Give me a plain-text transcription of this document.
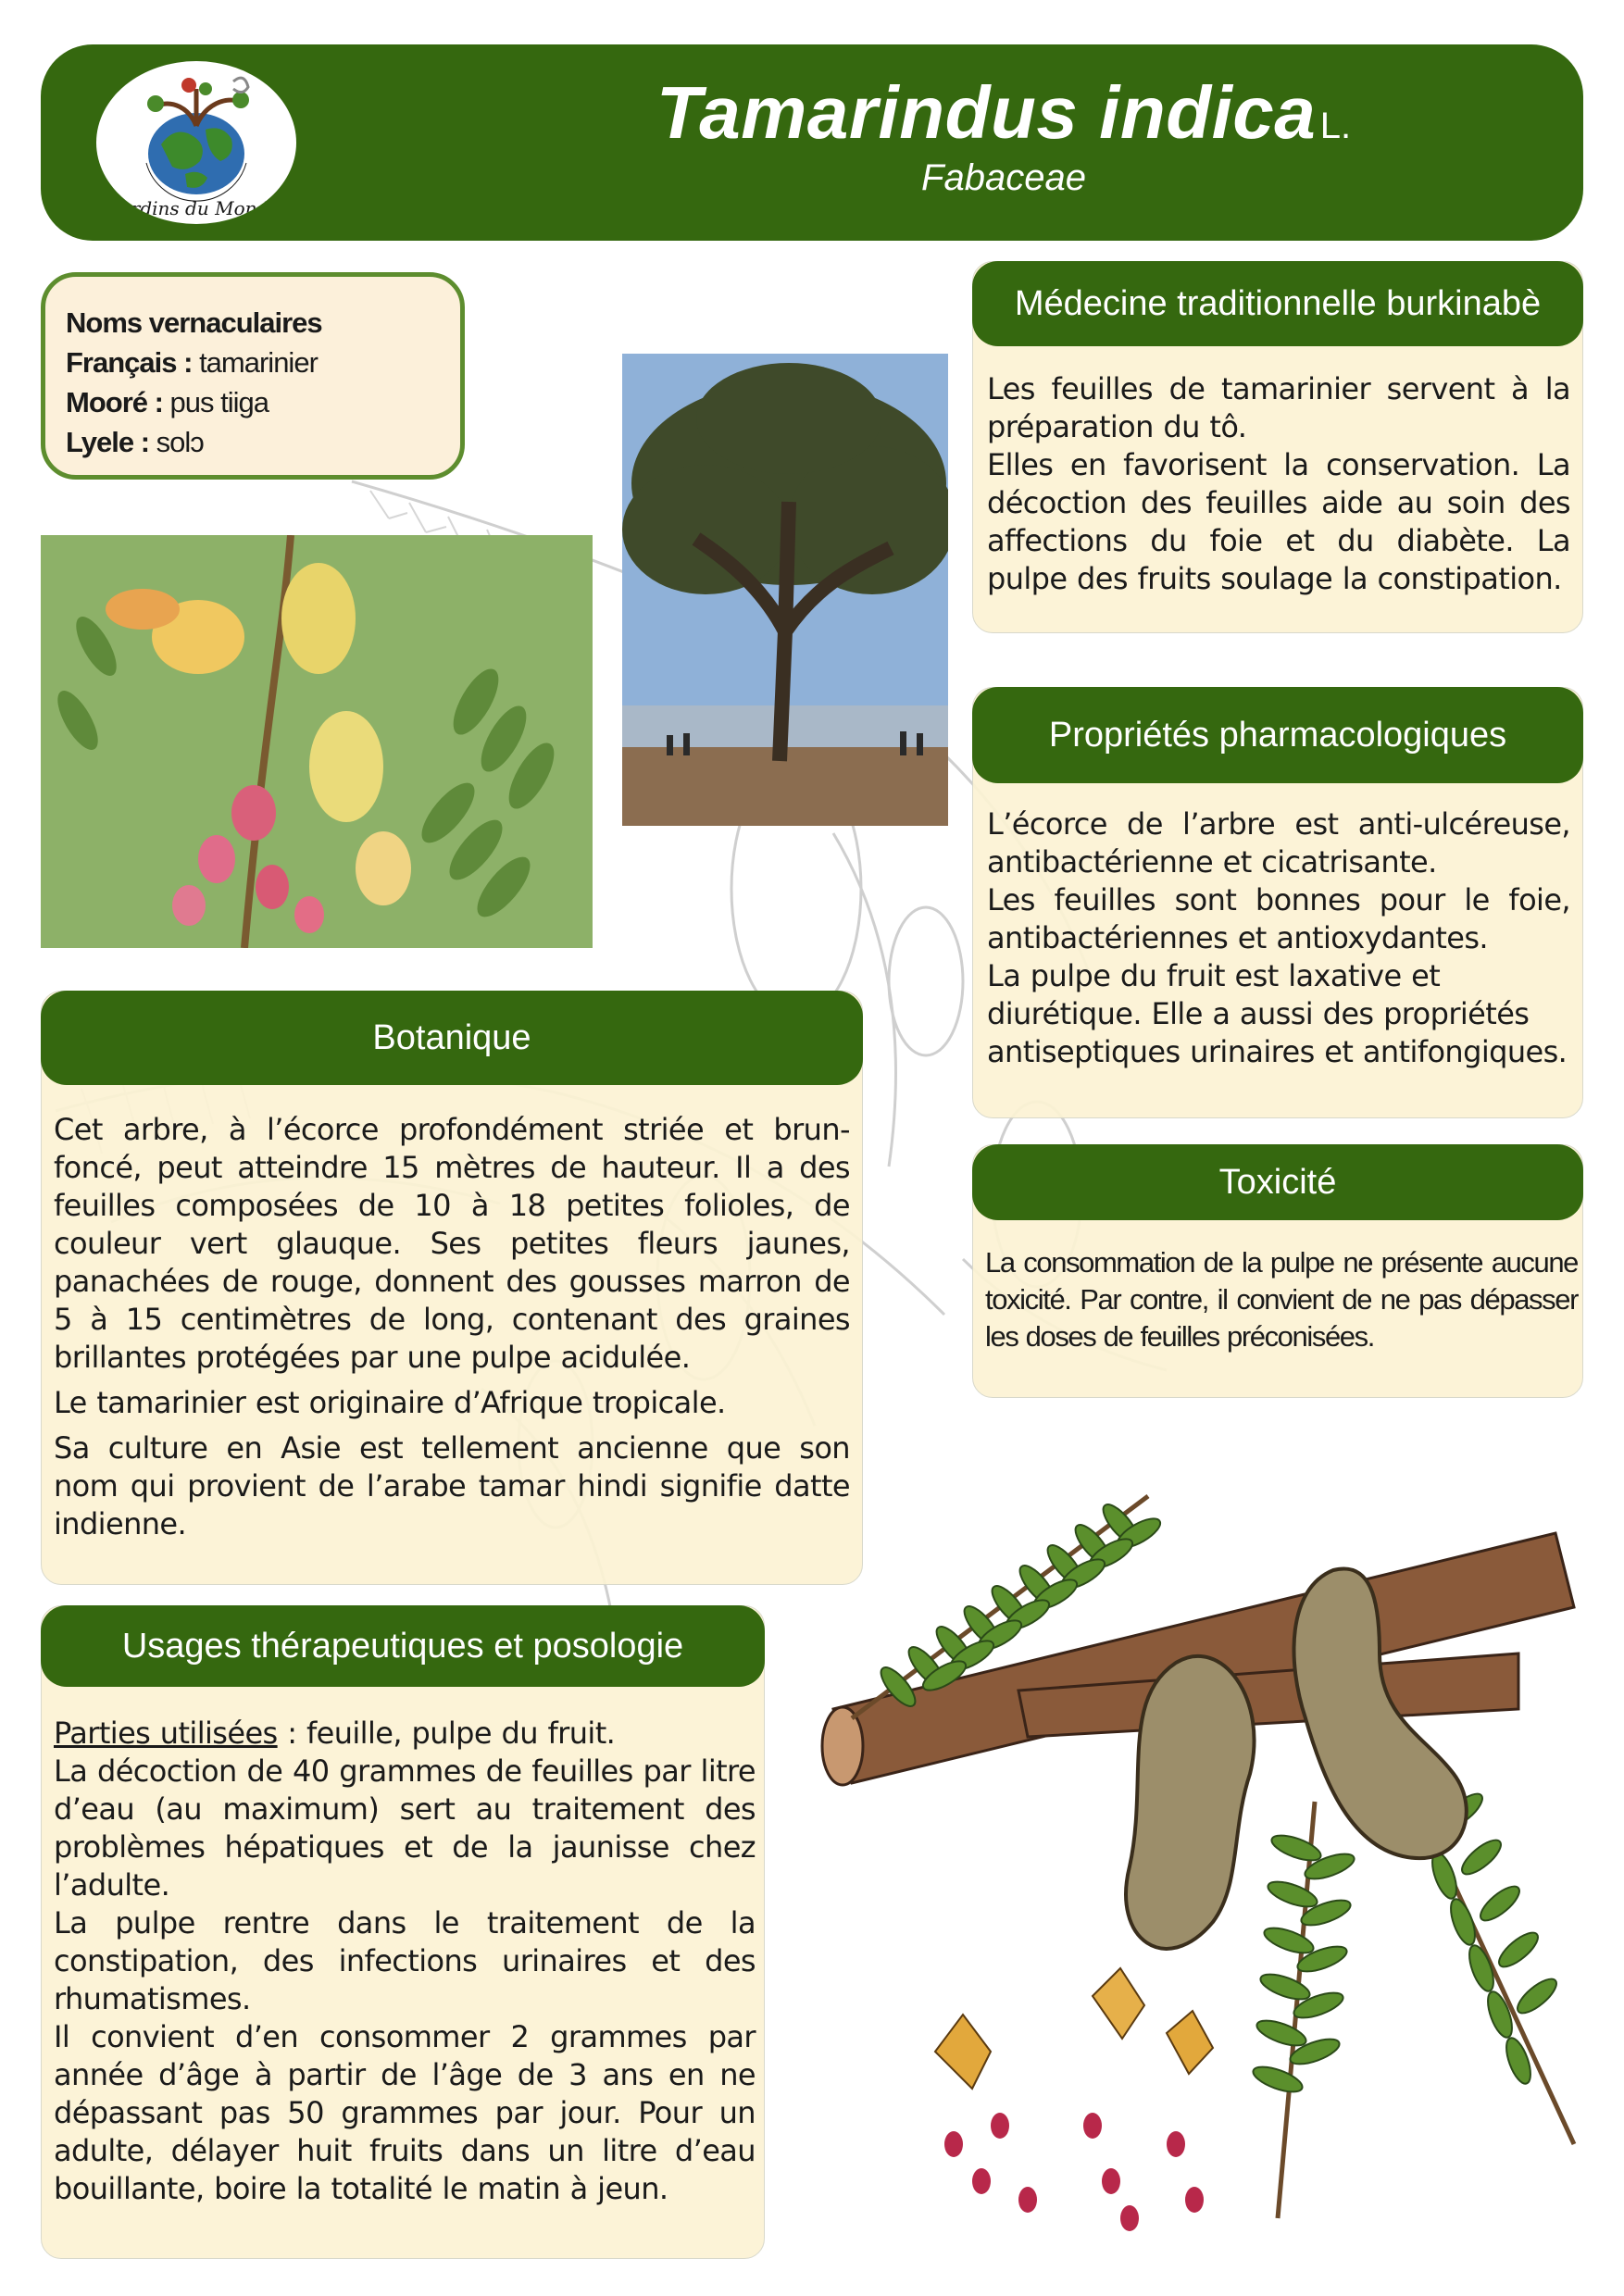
Jardins du Monde
Tamarindus indica L.
Fabaceae
Noms vernaculaires
Français : tamarinier
Mooré : pus tiiga
Lyele : solɔ
Médecine traditionnelle burkinabè

Les feuilles de tamarinier servent à la préparation du tô.

Elles en favorisent la conservation. La décoction des feuilles aide au soin des affections du foie et du diabète. La pulpe des fruits soulage la constipation.

Propriétés pharmacologiques

L’écorce de l’arbre est anti-ulcéreuse, antibactérienne et cicatrisante.

Les feuilles sont bonnes pour le foie, antibactériennes et antioxydantes.

La pulpe du fruit est laxative et diurétique. Elle a aussi des propriétés antiseptiques urinaires et antifongiques.

Toxicité
La consommation de la pulpe ne présente aucune toxicité. Par contre, il convient de ne pas dépasser les doses de feuilles préconisées.
Botanique

Cet arbre, à l’écorce profondément striée et brun-foncé, peut atteindre 15 mètres de hauteur. Il a des feuilles composées de 10 à 18 petites folioles, de couleur vert glauque. Ses petites fleurs jaunes, panachées de rouge, donnent des gousses marron de 5 à 15 centimètres de long, contenant des graines brillantes protégées par une pulpe acidulée.

Le tamarinier est originaire d’Afrique tropicale.

Sa culture en Asie est tellement ancienne que son nom qui provient de l’arabe tamar hindi signifie datte indienne.

Usages thérapeutiques et posologie

Parties utilisées : feuille, pulpe du fruit.

La décoction de 40 grammes de feuilles par litre d’eau (au maximum) sert au traitement des problèmes hépatiques et de la jaunisse chez l’adulte.

La pulpe rentre dans le traitement de la constipation, des infections urinaires et des rhumatismes.

Il convient d’en consommer 2 grammes par année d’âge à partir de l’âge de 3 ans en ne dépassant pas 50 grammes par jour. Pour un adulte, délayer huit fruits dans un litre d’eau bouillante, boire la totalité le matin à jeun.
